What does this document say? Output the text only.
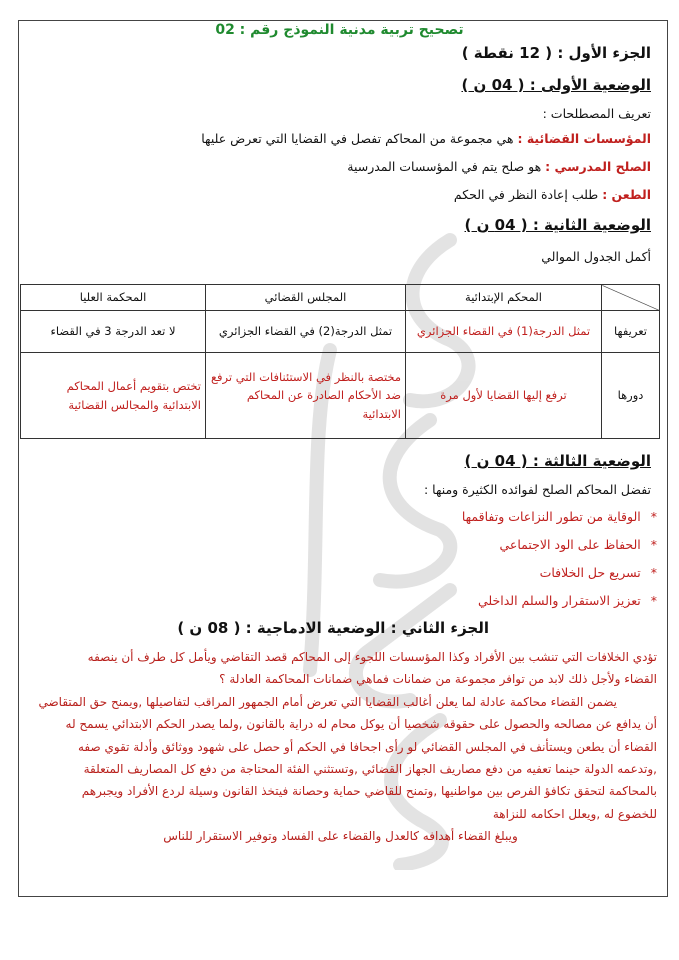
تصحيح تربية مدنية النموذج رقم : 02
الجزء الأول : ( 12 نقطة )
الوضعية الأولى : ( 04 ن )
تعريف المصطلحات :
المؤسسات القضائية : هي مجموعة من المحاكم تفصل في القضايا التي تعرض عليها
الصلح المدرسي : هو صلح يتم في المؤسسات المدرسية
الطعن : طلب إعادة النظر في الحكم
الوضعية الثانية : ( 04 ن )
أكمل الجدول الموالي
	المحكم الإبتدائية	المجلس القضائي	المحكمة العليا
تعريفها	تمثل الدرجة(1) في القضاء الجزائري	تمثل الدرجة(2) في القضاء الجزائري	لا تعد الدرجة 3 في القضاء
دورها	ترفع إليها القضايا لأول مرة	مختصة بالنظر في الاستئنافات التي ترفع ضد الأحكام الصادرة عن المحاكم الابتدائية	تختص بتقويم أعمال المحاكم الابتدائية والمجالس القضائية
الوضعية الثالثة : ( 04 ن )
تفضل المحاكم الصلح لفوائده الكثيرة ومنها :
*الوقاية من تطور النزاعات وتفاقمها
*الحفاظ على الود الاجتماعي
*تسريع حل الخلافات
*تعزيز الاستقرار والسلم الداخلي
الجزء الثاني : الوضعية الادماجية : ( 08 ن )

تؤدي الخلافات التي تنشب بين الأفراد وكذا المؤسسات اللجوء إلى المحاكم قصد التقاضي ويأمل كل طرف أن ينصفه

القضاء ولأجل ذلك لابد من توافر مجموعة من ضمانات فماهي ضمانات المحاكمة العادلة ؟

يضمن القضاء محاكمة عادلة لما يعلن أغالب القضايا التي تعرض أمام الجمهور المراقب لتفاصيلها ,ويمنح حق المتقاضي

أن يدافع عن مصالحه والحصول على حقوقه شخصيا أن يوكل محام له دراية بالقانون ,ولما يصدر الحكم الابتدائي يسمح له

القضاء أن يطعن ويستأنف في المجلس القضائي لو رأى اجحافا في الحكم أو حصل على شهود ووثائق وأدلة تقوي صفه

,وتدعمه الدولة حينما تعفيه من دفع مصاريف الجهاز القضائي ,وتستثني الفئة المحتاجة من دفع كل المصاريف المتعلقة

بالمحاكمة لتحقق تكافؤ الفرص بين مواطنيها ,وتمنح للقاضي حماية وحصانة فيتخذ القانون وسيلة لردع الأفراد ويجبرهم

للخضوع له ,ويعلل احكامه للنزاهة

ويبلغ القضاء أهدافه كالعدل والقضاء على الفساد وتوفير الاستقرار للناس
